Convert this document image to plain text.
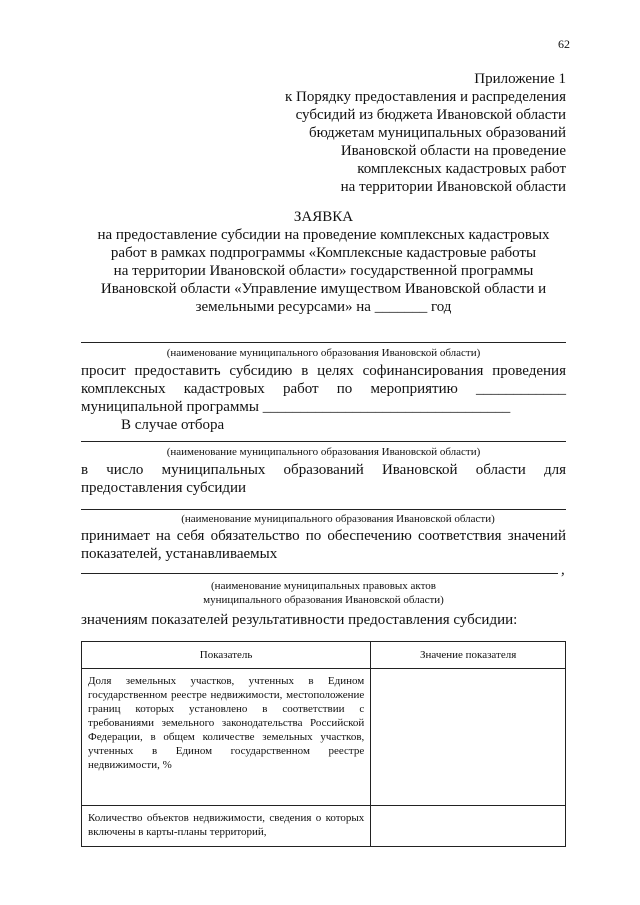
62
Приложение 1
к Порядку предоставления и распределения
субсидий из бюджета Ивановской области
бюджетам муниципальных образований
Ивановской области на проведение
комплексных кадастровых работ
на территории Ивановской области
ЗАЯВКА
на предоставление субсидии на проведение комплексных кадастровых
работ в рамках подпрограммы «Комплексные кадастровые работы
на территории Ивановской области» государственной программы
Ивановской области «Управление имуществом Ивановской области и
земельными ресурсами» на _______ год
(наименование муниципального образования Ивановской области)
просит предоставить субсидию в целях софинансирования проведения
комплексных кадастровых работ по мероприятию ____________
муниципальной программы _________________________________
В случае отбора
(наименование муниципального образования Ивановской области)
в число муниципальных образований Ивановской области для
предоставления субсидии
(наименование муниципального образования Ивановской области)
принимает на себя обязательство по обеспечению соответствия значений
показателей, устанавливаемых
,
(наименование муниципальных правовых актов
муниципального образования Ивановской области)
значениям показателей результативности предоставления субсидии:
Показатель	Значение показателя
Доля земельных участков, учтенных в Едином государственном реестре недвижимости, местоположение границ которых установлено в соответствии с требованиями земельного законодательства Российской Федерации, в общем количестве земельных участков, учтенных в Едином государственном реестре недвижимости, %	
Количество объектов недвижимости, сведения о которых включены в карты-планы территорий,	
